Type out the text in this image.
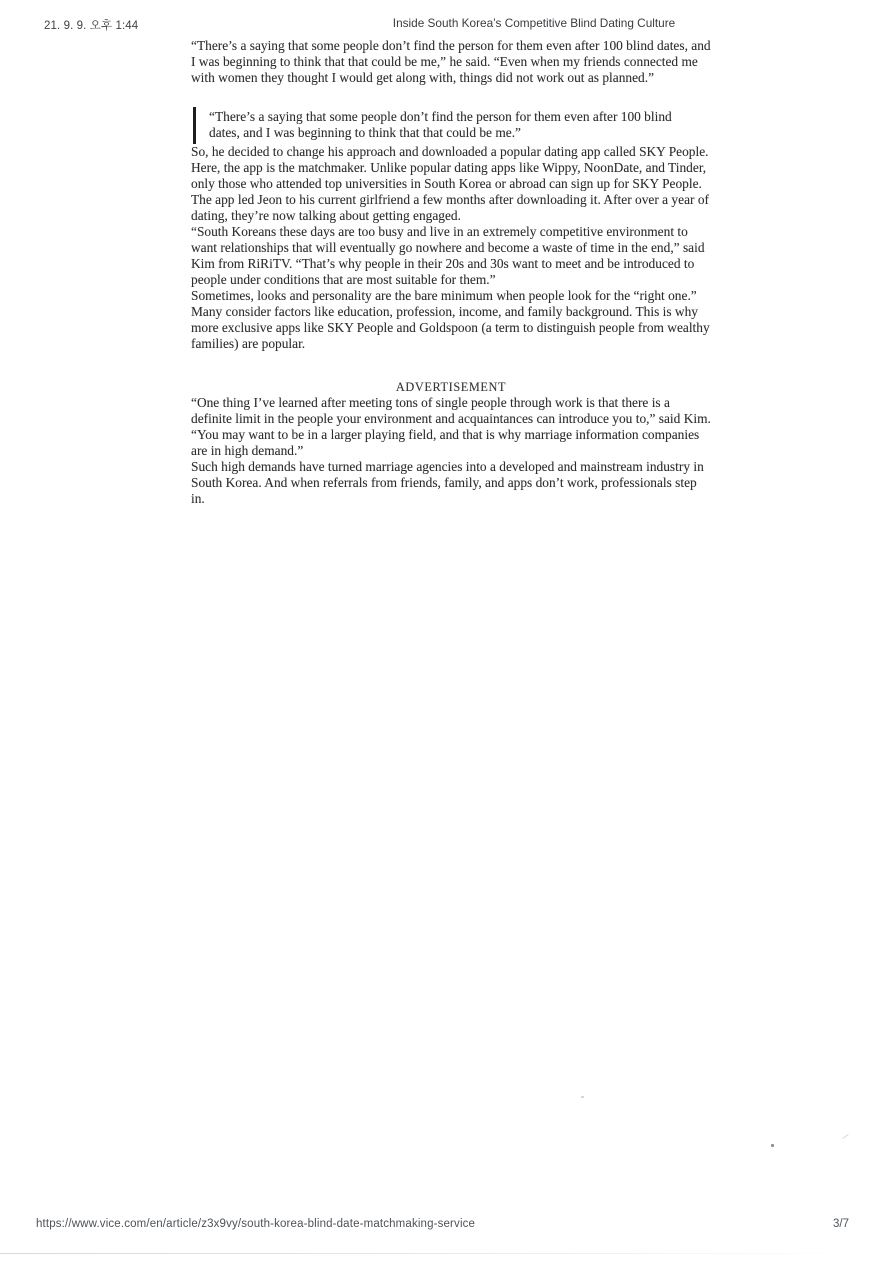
21. 9. 9. 오후 1:44	Inside South Korea’s Competitive Blind Dating Culture

“There’s a saying that some people don’t find the person for them even after 100 blind dates, and I was beginning to think that that could be me,” he said. “Even when my friends connected me with women they thought I would get along with, things did not work out as planned.”

“There’s a saying that some people don’t find the person for them even after 100 blind dates, and I was beginning to think that that could be me.”

So, he decided to change his approach and downloaded a popular dating app called SKY People. Here, the app is the matchmaker. Unlike popular dating apps like Wippy, NoonDate, and Tinder, only those who attended top universities in South Korea or abroad can sign up for SKY People. The app led Jeon to his current girlfriend a few months after downloading it. After over a year of dating, they’re now talking about getting engaged.

“South Koreans these days are too busy and live in an extremely competitive environment to want relationships that will eventually go nowhere and become a waste of time in the end,” said Kim from RiRiTV. “That’s why people in their 20s and 30s want to meet and be introduced to people under conditions that are most suitable for them.”

Sometimes, looks and personality are the bare minimum when people look for the “right one.” Many consider factors like education, profession, income, and family background. This is why more exclusive apps like SKY People and Goldspoon (a term to distinguish people from wealthy families) are popular.

ADVERTISEMENT

“One thing I’ve learned after meeting tons of single people through work is that there is a definite limit in the people your environment and acquaintances can introduce you to,” said Kim. “You may want to be in a larger playing field, and that is why marriage information companies are in high demand.”

Such high demands have turned marriage agencies into a developed and mainstream industry in South Korea. And when referrals from friends, family, and apps don’t work, professionals step in.

https://www.vice.com/en/article/z3x9vy/south-korea-blind-date-matchmaking-service	3/7
